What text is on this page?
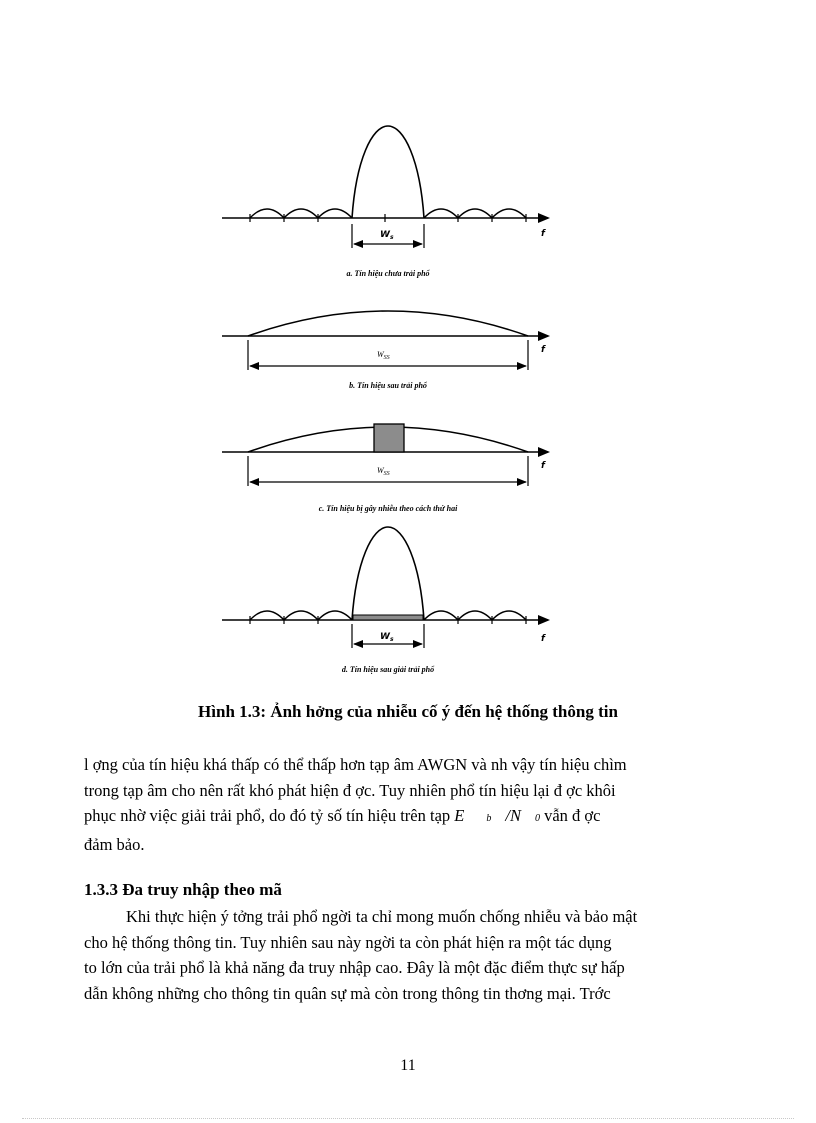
$W_s$	f
a. Tín hiệu chưa trải phổ
$W_{SS}$
f
b. Tín hiệu sau trải phổ
$W_{SS}$
f
c. Tín hiệu bị gây nhiễu theo cách thứ hai
$W_s$	f
d. Tín hiệu sau giải trải phổ
Hình 1.3: Ảnh hởng của nhiễu cố ý đến hệ thống thông tin
l ợng của tín hiệu khá thấp có thể thấp hơn tạp âm AWGN và nh vậy tín hiệu chìm
trong tạp âm cho nên rất khó phát hiện đ ợc. Tuy nhiên phổ tín hiệu lại đ ợc khôi
phục nhờ việc giải trải phổ, do đó tỷ số tín hiệu trên tạp E b /N 0 vẫn đ ợc
đảm bảo.
1.3.3 Đa truy nhập theo mã
Khi thực hiện ý tởng trải phổ ngời ta chỉ mong muốn chống nhiễu và bảo mật
cho hệ thống thông tin. Tuy nhiên sau này ngời ta còn phát hiện ra một tác dụng
to lớn của trải phổ là khả năng đa truy nhập cao. Đây là một đặc điểm thực sự hấp
dẫn không những cho thông tin quân sự mà còn trong thông tin thơng mại. Trớc
11
